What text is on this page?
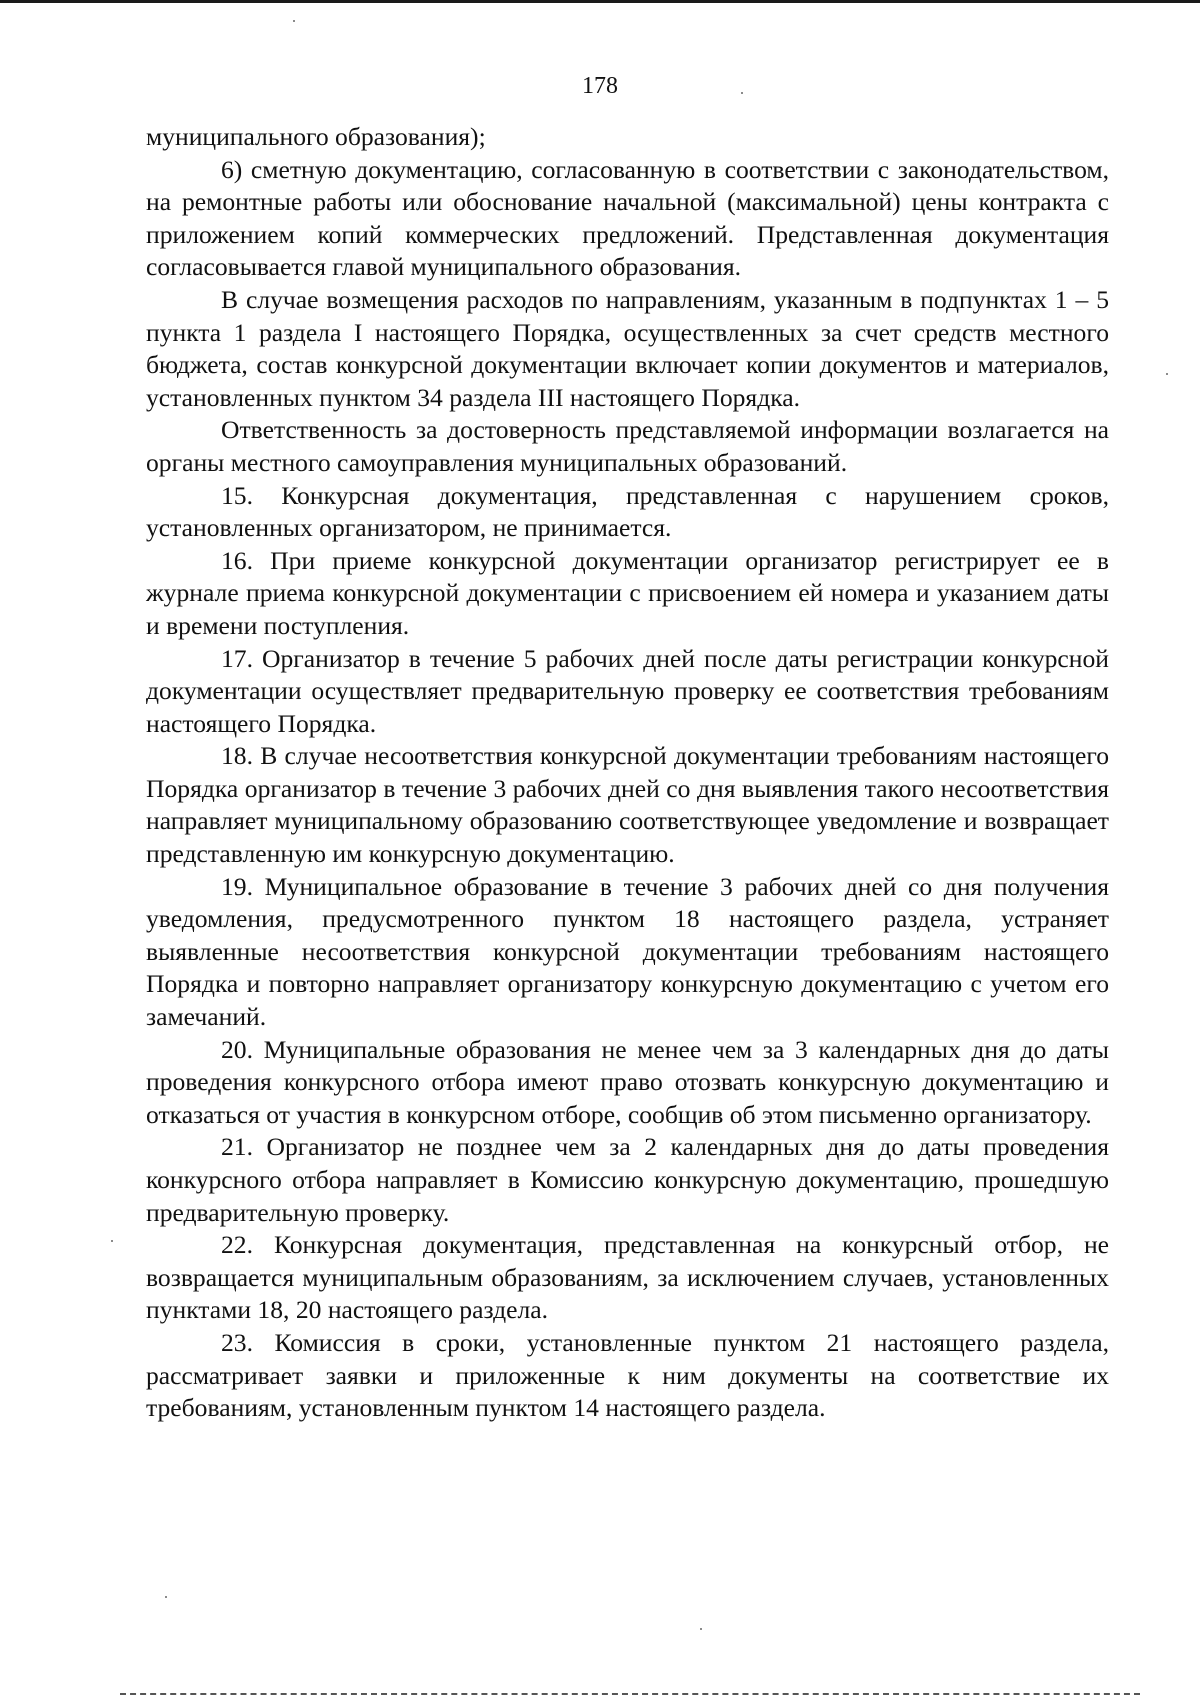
178

муниципального образования);

6) сметную документацию, согласованную в соответствии с законодательством, на ремонтные работы или обоснование начальной (максимальной) цены контракта с приложением копий коммерческих предложений. Представленная документация согласовывается главой муниципального образования.

В случае возмещения расходов по направлениям, указанным в подпунктах 1 – 5 пункта 1 раздела I настоящего Порядка, осуществленных за счет средств местного бюджета, состав конкурсной документации включает копии документов и материалов, установленных пунктом 34 раздела III настоящего Порядка.

Ответственность за достоверность представляемой информации возлагается на органы местного самоуправления муниципальных образований.

15. Конкурсная документация, представленная с нарушением сроков, установленных организатором, не принимается.

16. При приеме конкурсной документации организатор регистрирует ее в журнале приема конкурсной документации с присвоением ей номера и указанием даты и времени поступления.

17. Организатор в течение 5 рабочих дней после даты регистрации конкурсной документации осуществляет предварительную проверку ее соответствия требованиям настоящего Порядка.

18. В случае несоответствия конкурсной документации требованиям настоящего Порядка организатор в течение 3 рабочих дней со дня выявления такого несоответствия направляет муниципальному образованию соответствующее уведомление и возвращает представленную им конкурсную документацию.

19. Муниципальное образование в течение 3 рабочих дней со дня получения уведомления, предусмотренного пунктом 18 настоящего раздела, устраняет выявленные несоответствия конкурсной документации требованиям настоящего Порядка и повторно направляет организатору конкурсную документацию с учетом его замечаний.

20. Муниципальные образования не менее чем за 3 календарных дня до даты проведения конкурсного отбора имеют право отозвать конкурсную документацию и отказаться от участия в конкурсном отборе, сообщив об этом письменно организатору.

21. Организатор не позднее чем за 2 календарных дня до даты проведения конкурсного отбора направляет в Комиссию конкурсную документацию, прошедшую предварительную проверку.

22. Конкурсная документация, представленная на конкурсный отбор, не возвращается муниципальным образованиям, за исключением случаев, установленных пунктами 18, 20 настоящего раздела.

23. Комиссия в сроки, установленные пунктом 21 настоящего раздела, рассматривает заявки и приложенные к ним документы на соответствие их требованиям, установленным пунктом 14 настоящего раздела.
